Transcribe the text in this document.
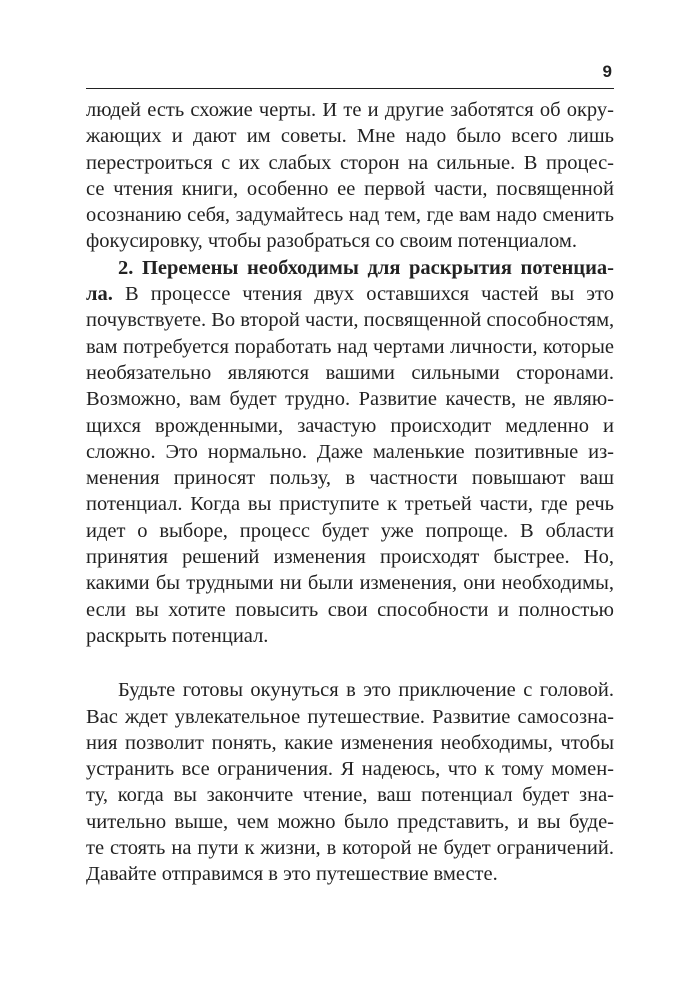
9
людей есть схожие черты. И те и другие заботятся об окру-
жающих и дают им советы. Мне надо было всего лишь
перестроиться с их слабых сторон на сильные. В процес-
се чтения книги, особенно ее первой части, посвященной
осознанию себя, задумайтесь над тем, где вам надо сменить
фокусировку, чтобы разобраться со своим потенциалом.
2. Перемены необходимы для раскрытия потенциа-
ла. В процессе чтения двух оставшихся частей вы это
почувствуете. Во второй части, посвященной способностям,
вам потребуется поработать над чертами личности, которые
необязательно являются вашими сильными сторонами.
Возможно, вам будет трудно. Развитие качеств, не являю-
щихся врожденными, зачастую происходит медленно и
сложно. Это нормально. Даже маленькие позитивные из-
менения приносят пользу, в частности повышают ваш
потенциал. Когда вы приступите к третьей части, где речь
идет о выборе, процесс будет уже попроще. В области
принятия решений изменения происходят быстрее. Но,
какими бы трудными ни были изменения, они необходимы,
если вы хотите повысить свои способности и полностью
раскрыть потенциал.
Будьте готовы окунуться в это приключение с головой.
Вас ждет увлекательное путешествие. Развитие самосозна-
ния позволит понять, какие изменения необходимы, чтобы
устранить все ограничения. Я надеюсь, что к тому момен-
ту, когда вы закончите чтение, ваш потенциал будет зна-
чительно выше, чем можно было представить, и вы буде-
те стоять на пути к жизни, в которой не будет ограничений.
Давайте отправимся в это путешествие вместе.
